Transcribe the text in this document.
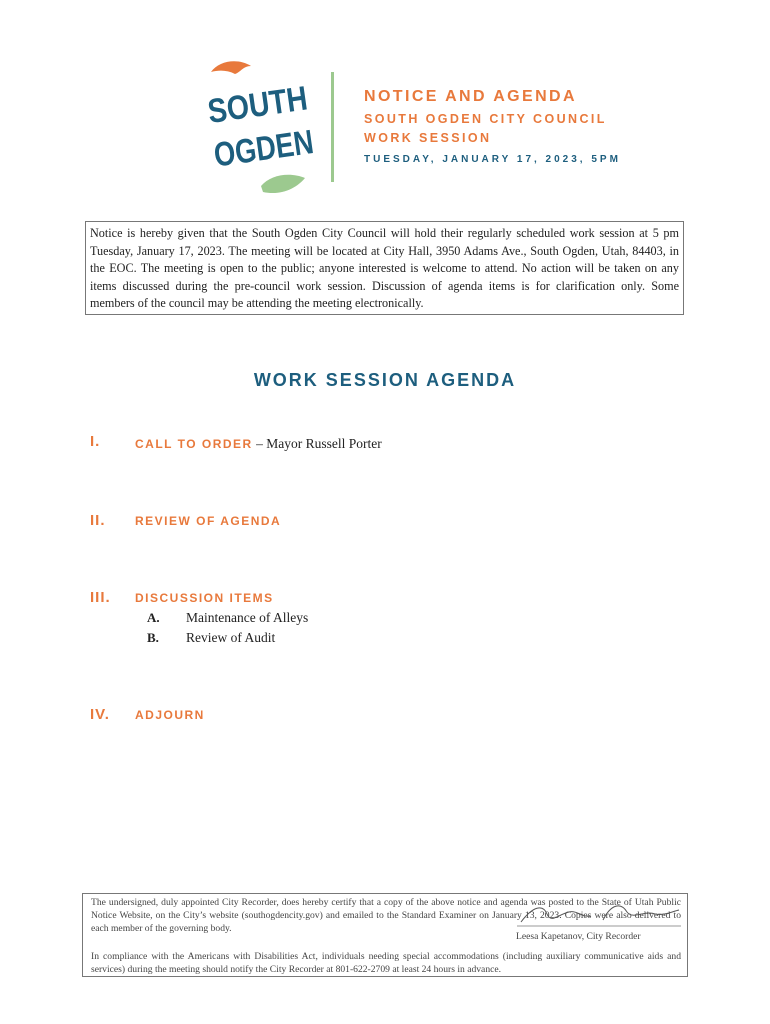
SOUTH
OGDEN
NOTICE AND AGENDA
SOUTH OGDEN CITY COUNCIL
WORK SESSION
TUESDAY, JANUARY 17, 2023, 5PM
Notice is hereby given that the South Ogden City Council will hold their regularly scheduled work session at 5 pm Tuesday, January 17, 2023. The meeting will be located at City Hall, 3950 Adams Ave., South Ogden, Utah, 84403, in the EOC. The meeting is open to the public; anyone interested is welcome to attend. No action will be taken on any items discussed during the pre-council work session. Discussion of agenda items is for clarification only. Some members of the council may be attending the meeting electronically.
WORK SESSION AGENDA
I.	CALL TO ORDER – Mayor Russell Porter
II. REVIEW OF AGENDA
III. DISCUSSION ITEMS
A. Maintenance of Alleys
B. Review of Audit
IV. ADJOURN
The undersigned, duly appointed City Recorder, does hereby certify that a copy of the above notice and agenda was posted to the State of Utah Public Notice Website, on the City’s website (southogdencity.gov) and emailed to the Standard Examiner on January 13, 2023. Copies were also delivered to each member of the governing body.
Leesa Kapetanov, City Recorder
In compliance with the Americans with Disabilities Act, individuals needing special accommodations (including auxiliary communicative aids and services) during the meeting should notify the City Recorder at 801-622-2709 at least 24 hours in advance.
